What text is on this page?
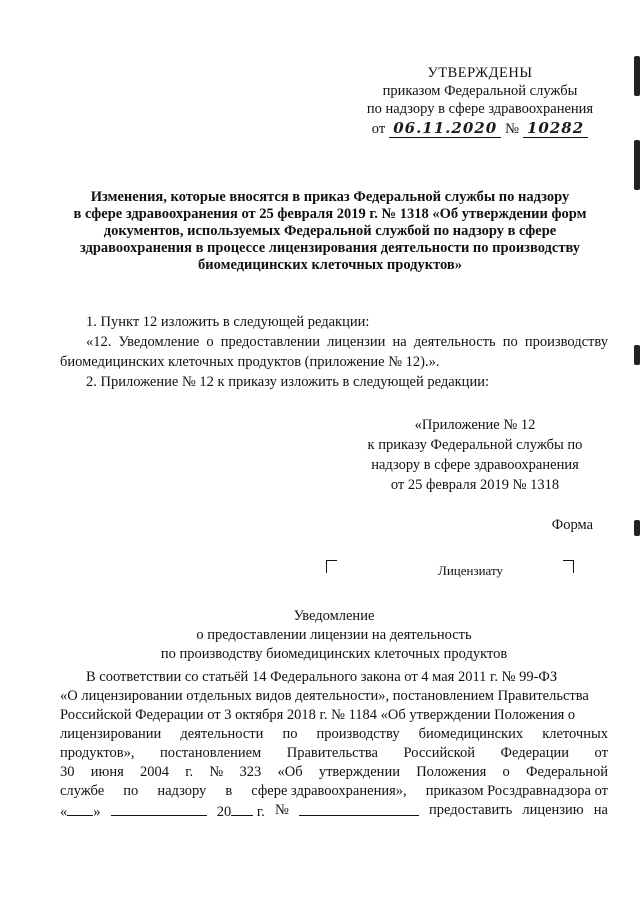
УТВЕРЖДЕНЫ
приказом Федеральной службы
по надзору в сфере здравоохранения
от 06.11.2020 № 10282
Изменения, которые вносятся в приказ Федеральной службы по надзору
в сфере здравоохранения от 25 февраля 2019 г. № 1318 «Об утверждении форм
документов, используемых Федеральной службой по надзору в сфере
здравоохранения в процессе лицензирования деятельности по производству
биомедицинских клеточных продуктов»

1. Пункт 12 изложить в следующей редакции:

«12. Уведомление о предоставлении лицензии на деятельность по производству биомедицинских клеточных продуктов (приложение № 12).».

2. Приложение № 12 к приказу изложить в следующей редакции:

«Приложение № 12
к приказу Федеральной службы по
надзору в сфере здравоохранения
от 25 февраля 2019 № 1318
Форма
Лицензиату
Уведомление
о предоставлении лицензии на деятельность
по производству биомедицинских клеточных продуктов
В соответствии со статьёй 14 Федерального закона от 4 мая 2011 г. № 99-ФЗ
«О лицензировании отдельных видов деятельности», постановлением Правительства
Российской Федерации от 3 октября 2018 г. № 1184 «Об утверждении Положения о
лицензировании деятельности по производству биомедицинских клеточных
продуктов», постановлением Правительства Российской Федерации от
30 июня 2004 г. № 323 «Об утверждении Положения о Федеральной
службе по надзору в сфере здравоохранения», приказом Росздравнадзора от
« »	20 г. №	предоставить лицензию на
